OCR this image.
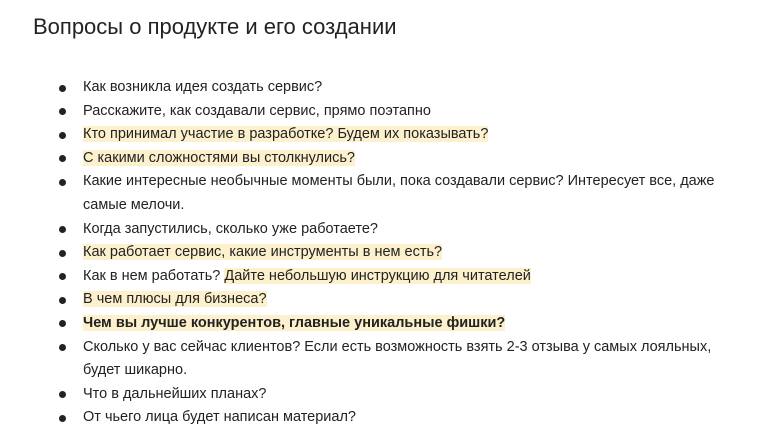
Вопросы о продукте и его создании
Как возникла идея создать сервис?
Расскажите, как создавали сервис, прямо поэтапно
Кто принимал участие в разработке? Будем их показывать?
С какими сложностями вы столкнулись?
Какие интересные необычные моменты были, пока создавали сервис? Интересует все, даже самые мелочи.
Когда запустились, сколько уже работаете?
Как работает сервис, какие инструменты в нем есть?
Как в нем работать? Дайте небольшую инструкцию для читателей
В чем плюсы для бизнеса?
Чем вы лучше конкурентов, главные уникальные фишки?
Сколько у вас сейчас клиентов? Если есть возможность взять 2-3 отзыва у самых лояльных, будет шикарно.
Что в дальнейших планах?
От чьего лица будет написан материал?
